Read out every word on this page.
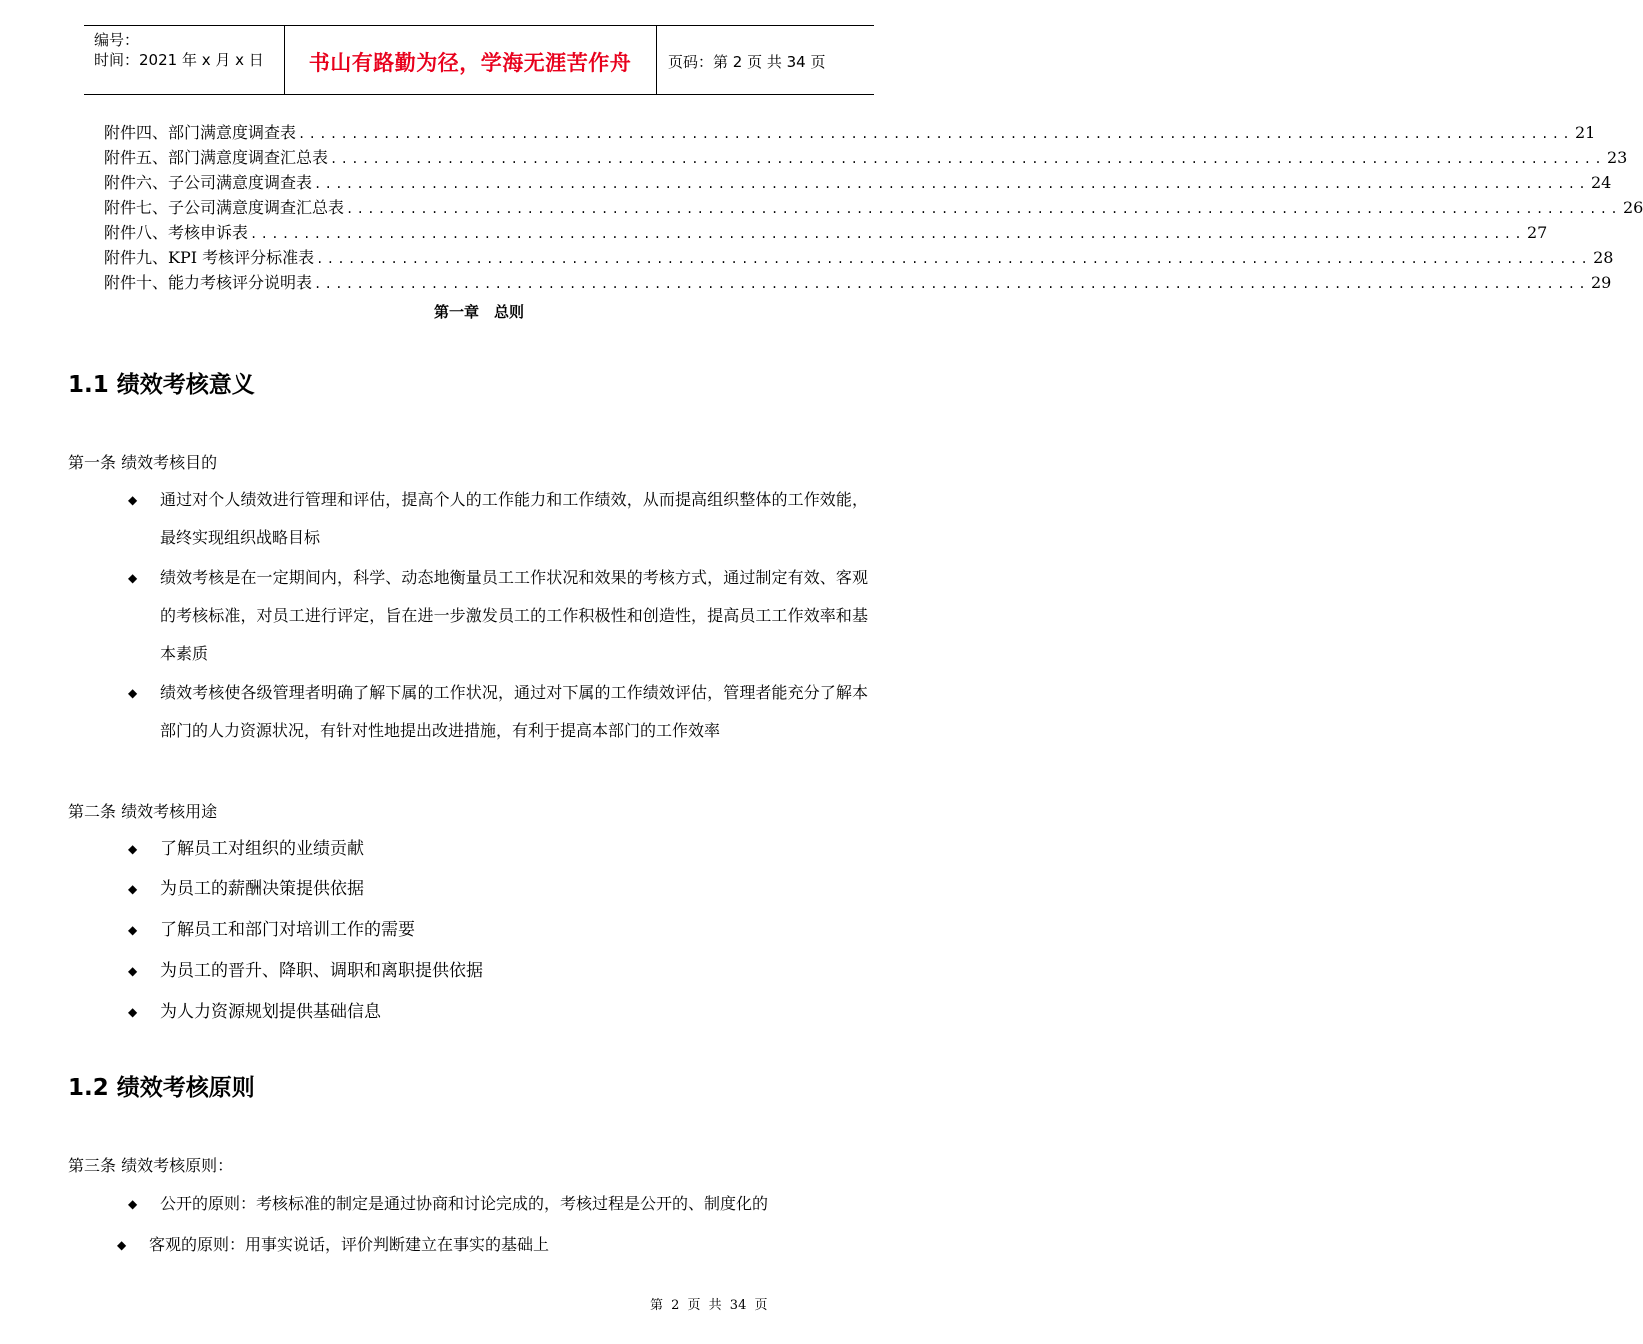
编号：
时间：2021 年 x 月 x 日	书山有路勤为径，学海无涯苦作舟	页码：第 2 页 共 34 页
附件四、部门满意度调查表 ........................................................................................................................ 21
附件五、部门满意度调查汇总表 ........................................................................................................................ 23
附件六、子公司满意度调查表 ........................................................................................................................ 24
附件七、子公司满意度调查汇总表 ........................................................................................................................ 26
附件八、考核申诉表 ........................................................................................................................ 27
附件九、KPI 考核评分标准表 ........................................................................................................................ 28
附件十、能力考核评分说明表 ........................................................................................................................ 29
第一章　总则
1.1 绩效考核意义
第一条 绩效考核目的
◆ 通过对个人绩效进行管理和评估，提高个人的工作能力和工作绩效，从而提高组织整体的工作效能，最终实现组织战略目标
◆ 绩效考核是在一定期间内，科学、动态地衡量员工工作状况和效果的考核方式，通过制定有效、客观的考核标准，对员工进行评定，旨在进一步激发员工的工作积极性和创造性，提高员工工作效率和基本素质
◆ 绩效考核使各级管理者明确了解下属的工作状况，通过对下属的工作绩效评估，管理者能充分了解本部门的人力资源状况，有针对性地提出改进措施，有利于提高本部门的工作效率
第二条 绩效考核用途
◆ 了解员工对组织的业绩贡献
◆ 为员工的薪酬决策提供依据
◆ 了解员工和部门对培训工作的需要
◆ 为员工的晋升、降职、调职和离职提供依据
◆ 为人力资源规划提供基础信息
1.2 绩效考核原则
第三条 绩效考核原则：
◆ 公开的原则：考核标准的制定是通过协商和讨论完成的，考核过程是公开的、制度化的
◆ 客观的原则：用事实说话，评价判断建立在事实的基础上
第 2 页 共 34 页
